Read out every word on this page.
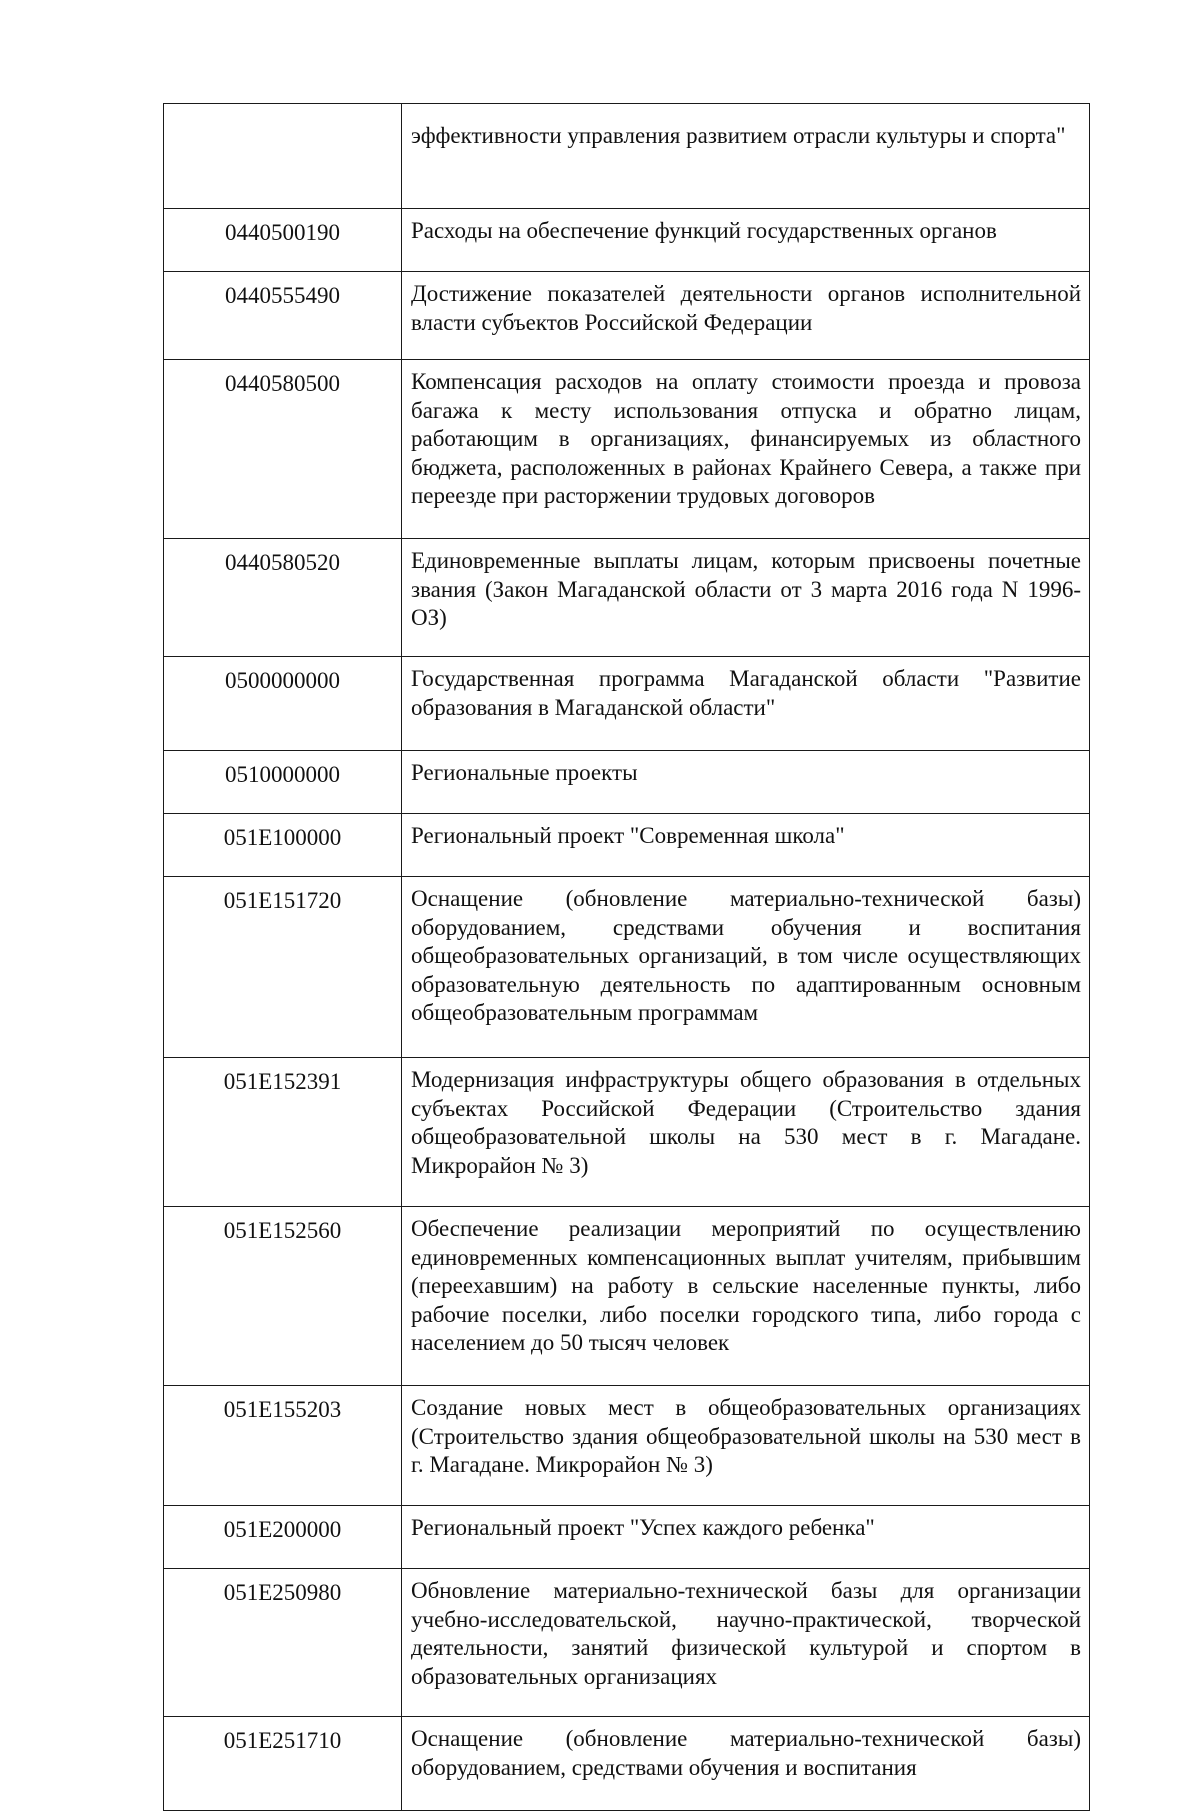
	эффективности управления развитием отрасли культуры и спорта"
0440500190	Расходы на обеспечение функций государственных органов
0440555490	Достижение показателей деятельности органов исполнительной власти субъектов Российской Федерации
0440580500	Компенсация расходов на оплату стоимости проезда и провоза багажа к месту использования отпуска и обратно лицам, работающим в организациях, финансируемых из областного бюджета, расположенных в районах Крайнего Севера, а также при переезде при расторжении трудовых договоров
0440580520	Единовременные выплаты лицам, которым присвоены почетные звания (Закон Магаданской области от 3 марта 2016 года N 1996-ОЗ)
0500000000	Государственная программа Магаданской области "Развитие образования в Магаданской области"
0510000000	Региональные проекты
051E100000	Региональный проект "Современная школа"
051E151720	Оснащение (обновление материально-технической базы) оборудованием, средствами обучения и воспитания общеобразовательных организаций, в том числе осуществляющих образовательную деятельность по адаптированным основным общеобразовательным программам
051E152391	Модернизация инфраструктуры общего образования в отдельных субъектах Российской Федерации (Строительство здания общеобразовательной школы на 530 мест в г. Магадане. Микрорайон № 3)
051E152560	Обеспечение реализации мероприятий по осуществлению единовременных компенсационных выплат учителям, прибывшим (переехавшим) на работу в сельские населенные пункты, либо рабочие поселки, либо поселки городского типа, либо города с населением до 50 тысяч человек
051E155203	Создание новых мест в общеобразовательных организациях (Строительство здания общеобразовательной школы на 530 мест в г. Магадане. Микрорайон № 3)
051E200000	Региональный проект "Успех каждого ребенка"
051E250980	Обновление материально-технической базы для организации учебно-исследовательской, научно-практической, творческой деятельности, занятий физической культурой и спортом в образовательных организациях
051E251710	Оснащение (обновление материально-технической базы) оборудованием, средствами обучения и воспитания
